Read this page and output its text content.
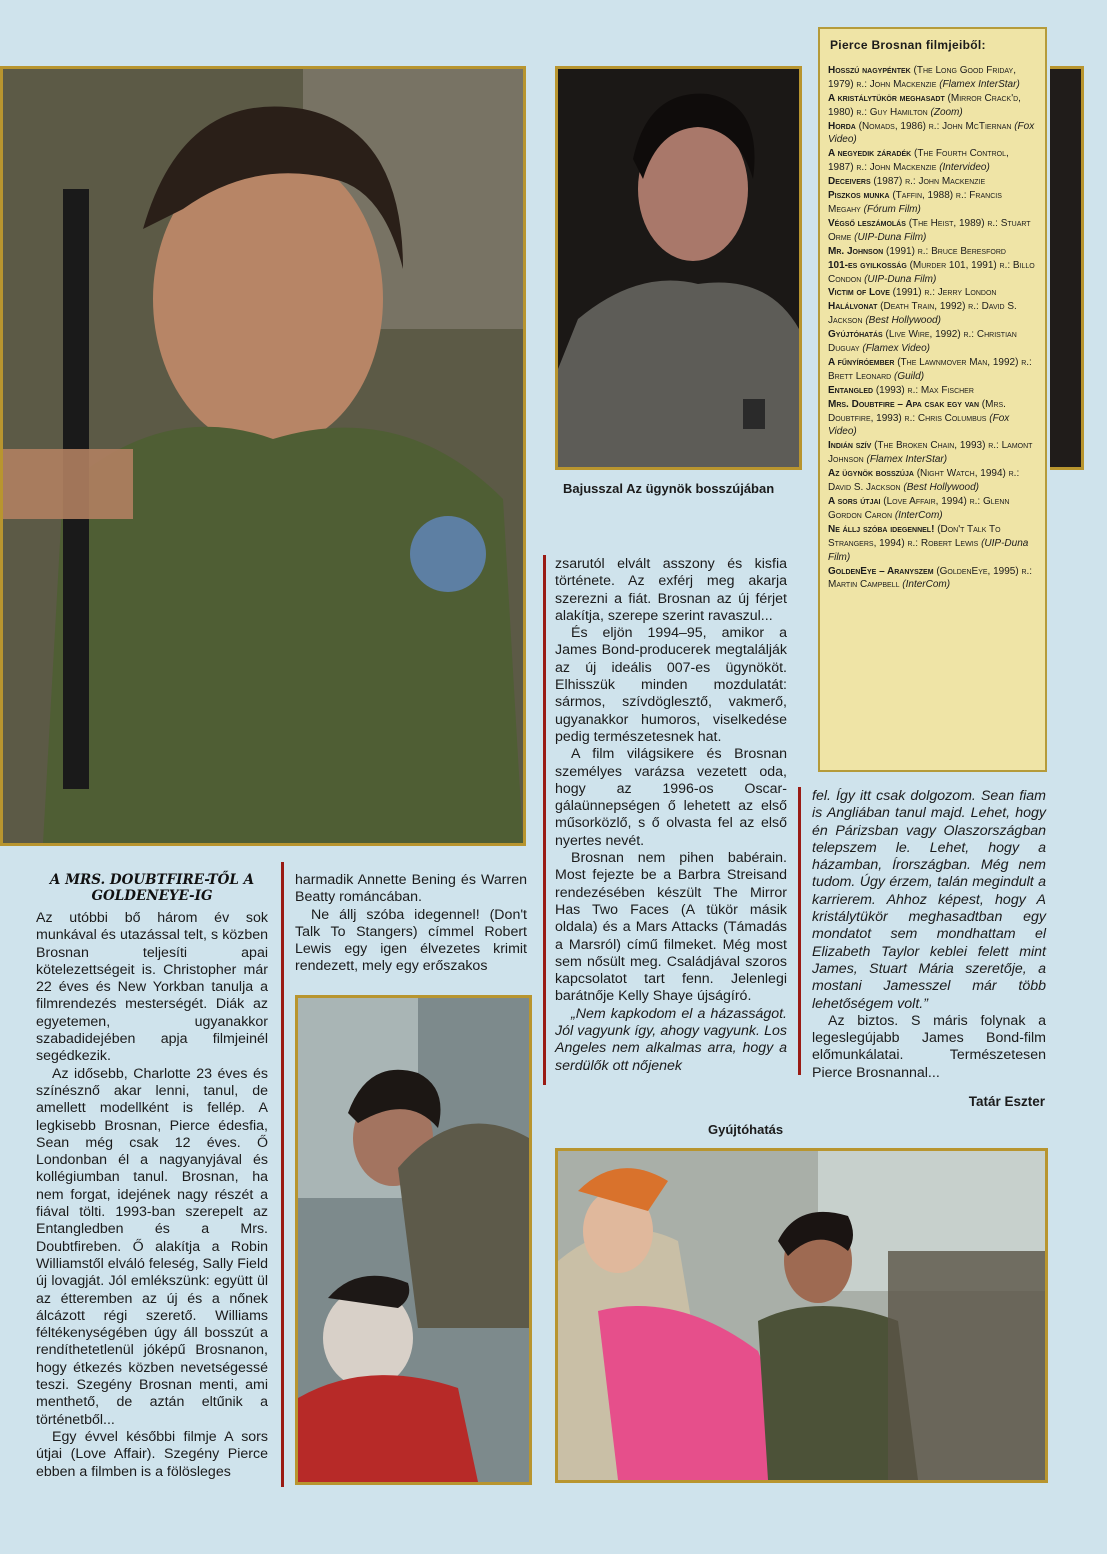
Pierce Brosnan filmjeiből:

Hosszú nagypéntek (The Long Good Friday, 1979) r.: John Mackenzie (Flamex InterStar)

A kristálytükör meghasadt (Mirror Crack'd, 1980) r.: Guy Hamilton (Zoom)

Horda (Nomads, 1986) r.: John McTiernan (Fox Video)

A negyedik záradék (The Fourth Control, 1987) r.: John Mackenzie (Intervideo)

Deceivers (1987) r.: John Mackenzie

Piszkos munka (Taffin, 1988) r.: Francis Megahy (Fórum Film)

Végső leszámolás (The Heist, 1989) r.: Stuart Orme (UIP-Duna Film)

Mr. Johnson (1991) r.: Bruce Beresford

101-es gyilkosság (Murder 101, 1991) r.: Billo Condon (UIP-Duna Film)

Victim of Love (1991) r.: Jerry London

Halálvonat (Death Train, 1992) r.: David S. Jackson (Best Hollywood)

Gyújtóhatás (Live Wire, 1992) r.: Christian Duguay (Flamex Video)

A fűnyíróember (The Lawnmover Man, 1992) r.: Brett Leonard (Guild)

Entangled (1993) r.: Max Fischer

Mrs. Doubtfire – Apa csak egy van (Mrs. Doubtfire, 1993) r.: Chris Columbus (Fox Video)

Indián szív (The Broken Chain, 1993) r.: Lamont Johnson (Flamex InterStar)

Az ügynök bosszúja (Night Watch, 1994) r.: David S. Jackson (Best Hollywood)

A sors útjai (Love Affair, 1994) r.: Glenn Gordon Caron (InterCom)

Ne állj szóba idegennel! (Don't Talk To Strangers, 1994) r.: Robert Lewis (UIP-Duna Film)

GoldenEye – Aranyszem (GoldenEye, 1995) r.: Martin Campbell (InterCom)

Bajusszal Az ügynök bosszújában
A MRS. DOUBTFIRE-TŐL A GOLDENEYE-IG

Az utóbbi bő három év sok munkával és utazással telt, s közben Brosnan teljesíti apai kötelezettségeit is. Christopher már 22 éves és New Yorkban tanulja a filmrendezés mesterségét. Diák az egyetemen, ugyanakkor szabadidejében apja filmjeinél segédkezik.

Az idősebb, Charlotte 23 éves és színésznő akar lenni, tanul, de amellett modellként is fellép. A legkisebb Brosnan, Pierce édesfia, Sean még csak 12 éves. Ő Londonban él a nagyanyjával és kollégiumban tanul. Brosnan, ha nem forgat, idejének nagy részét a fiával tölti. 1993-ban szerepelt az Entangledben és a Mrs. Doubtfireben. Ő alakítja a Robin Williamstől elváló feleség, Sally Field új lovagját. Jól emlékszünk: együtt ül az étteremben az új és a nőnek álcázott régi szerető. Williams féltékenységében úgy áll bosszút a rendíthetetlenül jóképű Brosnanon, hogy étkezés közben nevetségessé teszi. Szegény Brosnan menti, ami menthető, de aztán eltűnik a történetből...

Egy évvel későbbi filmje A sors útjai (Love Affair). Szegény Pierce ebben a filmben is a fölösleges

harmadik Annette Bening és Warren Beatty románcában.

Ne állj szóba idegennel! (Don't Talk To Stangers) címmel Robert Lewis egy igen élvezetes krimit rendezett, mely egy erőszakos

zsarutól elvált asszony és kisfia története. Az exférj meg akarja szerezni a fiát. Brosnan az új férjet alakítja, szerepe szerint ravaszul...

És eljön 1994–95, amikor a James Bond-producerek megtalálják az új ideális 007-es ügynököt. Elhisszük minden mozdulatát: sármos, szívdöglesztő, vakmerő, ugyanakkor humoros, viselkedése pedig természetesnek hat.

A film világsikere és Brosnan személyes varázsa vezetett oda, hogy az 1996-os Oscar-gálaünnepségen ő lehetett az első műsorközlő, s ő olvasta fel az első nyertes nevét.

Brosnan nem pihen babérain. Most fejezte be a Barbra Streisand rendezésében készült The Mirror Has Two Faces (A tükör másik oldala) és a Mars Attacks (Támadás a Marsról) című filmeket. Még most sem nősült meg. Családjával szoros kapcsolatot tart fenn. Jelenlegi barátnője Kelly Shaye újságíró.

„Nem kapkodom el a házasságot. Jól vagyunk így, ahogy vagyunk. Los Angeles nem alkalmas arra, hogy a serdülők ott nőjenek

fel. Így itt csak dolgozom. Sean fiam is Angliában tanul majd. Lehet, hogy én Párizsban vagy Olaszországban telepszem le. Lehet, hogy a házamban, Írországban. Még nem tudom. Úgy érzem, talán megindult a karrierem. Ahhoz képest, hogy A kristálytükör meghasadtban egy mondatot sem mondhattam el Elizabeth Taylor keblei felett mint James, Stuart Mária szeretője, a mostani Jamesszel már több lehetőségem volt.”

Az biztos. S máris folynak a legeslegújabb James Bond-film előmunkálatai. Természetesen Pierce Brosnannal...

Tatár Eszter
Gyújtóhatás
